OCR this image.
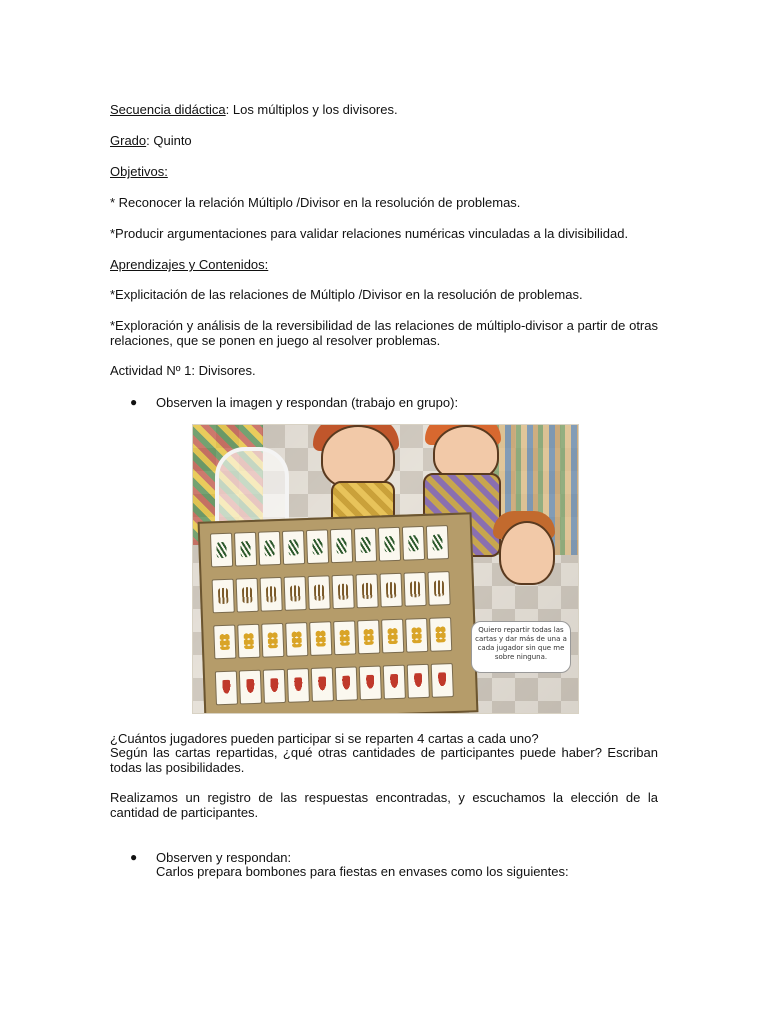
Secuencia didáctica: Los múltiplos y los divisores.
Grado: Quinto
Objetivos:
* Reconocer la relación Múltiplo /Divisor en la resolución de problemas.
*Producir argumentaciones para validar relaciones numéricas vinculadas a la divisibilidad.
Aprendizajes y Contenidos:
*Explicitación de las relaciones de Múltiplo /Divisor en la resolución de problemas.
*Exploración y análisis de la reversibilidad de las relaciones de múltiplo-divisor a partir de otras relaciones, que se ponen en juego al resolver problemas.
Actividad Nº 1: Divisores.
● Observen la imagen y respondan (trabajo en grupo):
¿Cuántos jugadores pueden participar si se reparten 4 cartas a cada uno?
Según las cartas repartidas, ¿qué otras cantidades de participantes puede haber? Escriban todas las posibilidades.
Realizamos un registro de las respuestas encontradas, y escuchamos la elección de la cantidad de participantes.
● Observen y respondan:
Carlos prepara bombones para fiestas en envases como los siguientes:
Quiero repartir todas las cartas y dar más de una a cada jugador sin que me sobre ninguna.
